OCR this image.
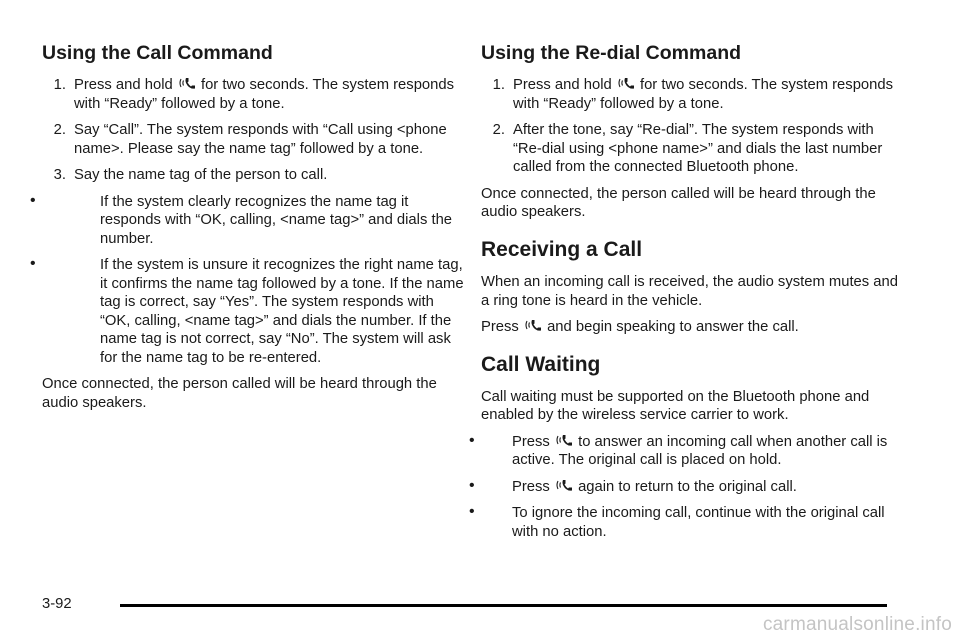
Using the Call Command
1. Press and hold for two seconds. The system responds with “Ready” followed by a tone.
2. Say “Call”. The system responds with “Call using <phone name>. Please say the name tag” followed by a tone.
3. Say the name tag of the person to call.
•	If the system clearly recognizes the name tag it responds with “OK, calling, <name tag>” and dials the number.
•	If the system is unsure it recognizes the right name tag, it confirms the name tag followed by a tone. If the name tag is correct, say “Yes”. The system responds with “OK, calling, <name tag>” and dials the number. If the name tag is not correct, say “No”. The system will ask for the name tag to be re-entered.

Once connected, the person called will be heard through the audio speakers.

Using the Re-dial Command
1. Press and hold for two seconds. The system responds with “Ready” followed by a tone.
2. After the tone, say “Re-dial”. The system responds with “Re-dial using <phone name>” and dials the last number called from the connected Bluetooth phone.

Once connected, the person called will be heard through the audio speakers.

Receiving a Call

When an incoming call is received, the audio system mutes and a ring tone is heard in the vehicle.

Press and begin speaking to answer the call.

Call Waiting

Call waiting must be supported on the Bluetooth phone and enabled by the wireless service carrier to work.

•	Press to answer an incoming call when another call is active. The original call is placed on hold.
•	Press again to return to the original call.
•	To ignore the incoming call, continue with the original call with no action.
3-92
carmanualsonline.info
